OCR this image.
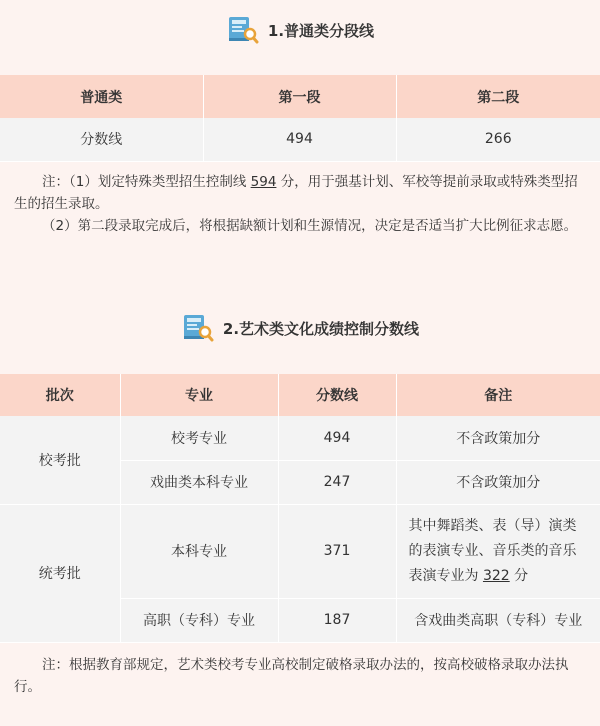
1.普通类分段线
普通类	第一段	第二段
分数线	494	266

注：（1）划定特殊类型招生控制线 594 分，用于强基计划、军校等提前录取或特殊类型招生的招生录取。

（2）第二段录取完成后，将根据缺额计划和生源情况，决定是否适当扩大比例征求志愿。

2.艺术类文化成绩控制分数线
批次	专业	分数线	备注
校考批	校考专业	494	不含政策加分
	戏曲类本科专业	247	不含政策加分
统考批	本科专业	371	其中舞蹈类、表（导）演类的表演专业、音乐类的音乐表演专业为 322 分
	高职（专科）专业	187	含戏曲类高职（专科）专业

注：根据教育部规定，艺术类校考专业高校制定破格录取办法的，按高校破格录取办法执行。
